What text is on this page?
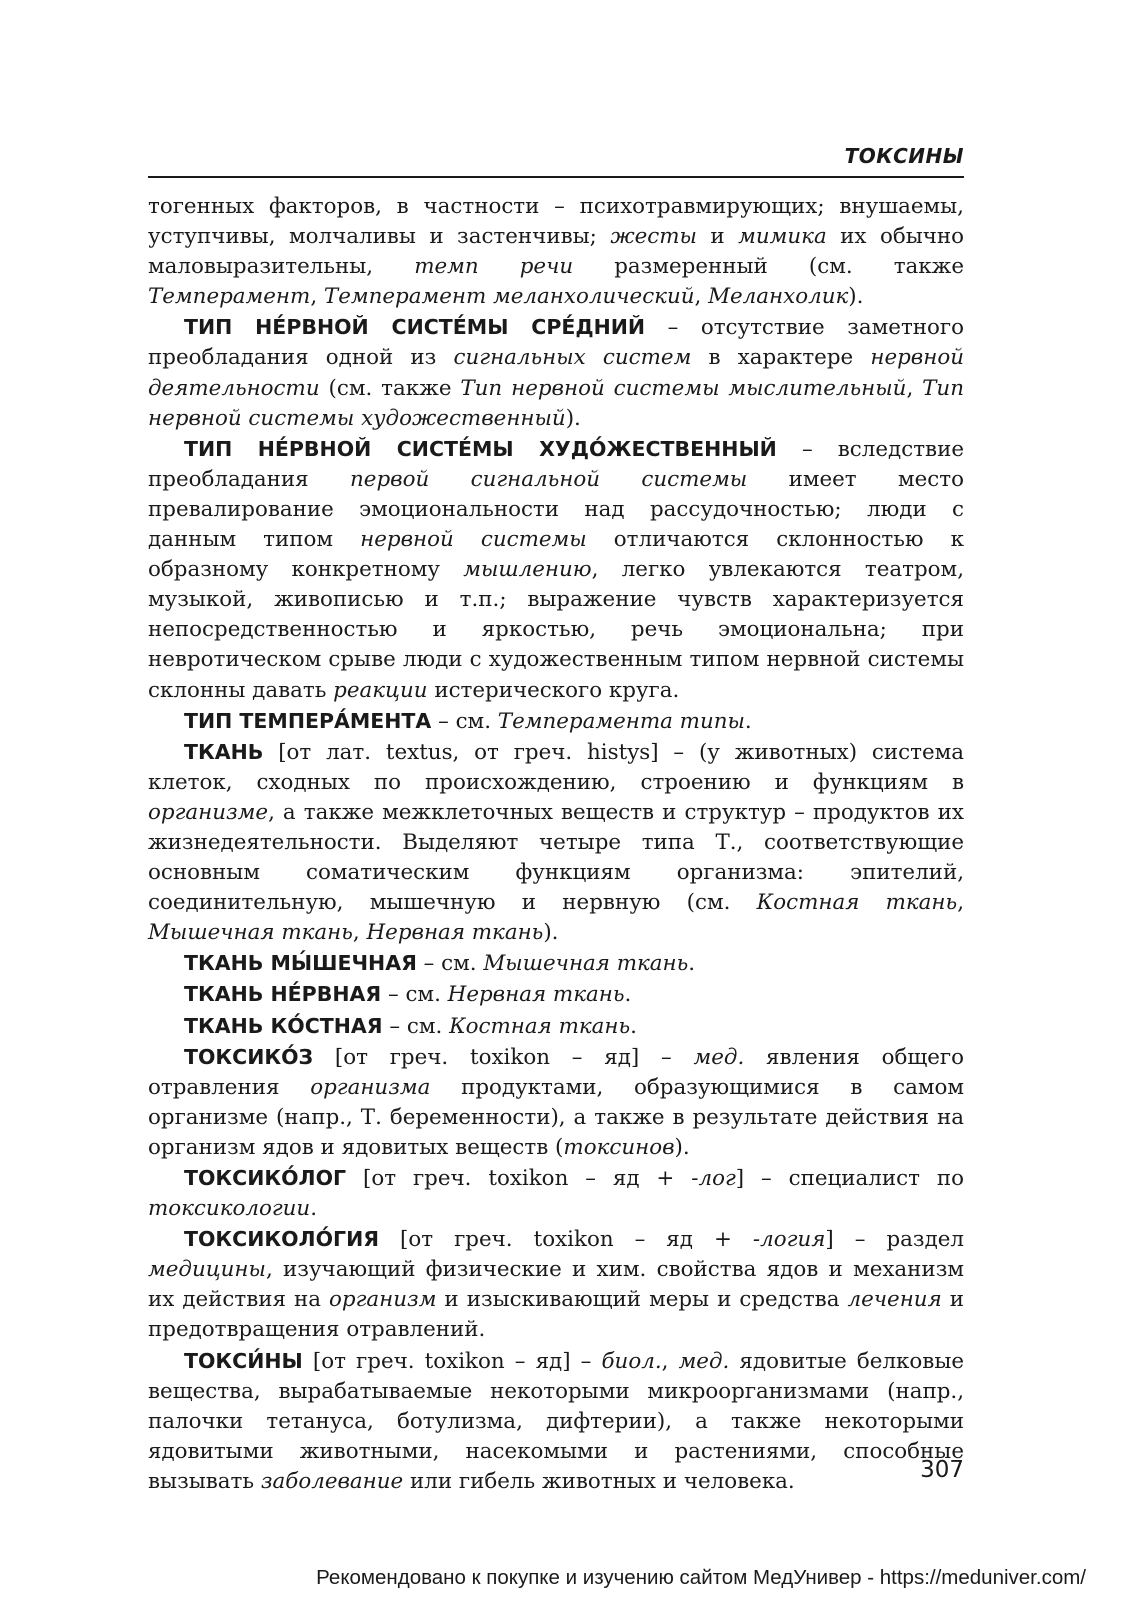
ТОКСИНЫ

тогенных факторов, в частности – психотравмирующих; внушаемы, уступчивы, молчаливы и застенчивы; жесты и мимика их обычно маловыразительны, темп речи размеренный (см. также Темперамент, Темперамент меланхолический, Меланхолик).

ТИП НЕ́РВНОЙ СИСТЕ́МЫ СРЕ́ДНИЙ – отсутствие заметного преобладания одной из сигнальных систем в характере нервной деятельности (см. также Тип нервной системы мыслительный, Тип нервной системы художественный).

ТИП НЕ́РВНОЙ СИСТЕ́МЫ ХУДО́ЖЕСТВЕННЫЙ – вследствие преобладания первой сигнальной системы имеет место превалирование эмоциональности над рассудочностью; люди с данным типом нервной системы отличаются склонностью к образному конкретному мышлению, легко увлекаются театром, музыкой, живописью и т.п.; выражение чувств характеризуется непосредственностью и яркостью, речь эмоциональна; при невротическом срыве люди с художественным типом нервной системы склонны давать реакции истерического круга.

ТИП ТЕМПЕРА́МЕНТА – см. Темперамента типы.

ТКАНЬ [от лат. textus, от греч. histys] – (у животных) система клеток, сходных по происхождению, строению и функциям в организме, а также межклеточных веществ и структур – продуктов их жизнедеятельности. Выделяют четыре типа Т., соответствующие основным соматическим функциям организма: эпителий, соединительную, мышечную и нервную (см. Костная ткань, Мышечная ткань, Нервная ткань).

ТКАНЬ МЫ́ШЕЧНАЯ – см. Мышечная ткань.

ТКАНЬ НЕ́РВНАЯ – см. Нервная ткань.

ТКАНЬ КО́СТНАЯ – см. Костная ткань.

ТОКСИКО́З [от греч. toxikon – яд] – мед. явления общего отравления организма продуктами, образующимися в самом организме (напр., Т. беременности), а также в результате действия на организм ядов и ядовитых веществ (токсинов).

ТОКСИКО́ЛОГ [от греч. toxikon – яд + -лог] – специалист по токсикологии.

ТОКСИКОЛО́ГИЯ [от греч. toxikon – яд + -логия] – раздел медицины, изучающий физические и хим. свойства ядов и механизм их действия на организм и изыскивающий меры и средства лечения и предотвращения отравлений.

ТОКСИ́НЫ [от греч. toxikon – яд] – биол., мед. ядовитые белковые вещества, вырабатываемые некоторыми микроорганизмами (напр., палочки тетануса, ботулизма, дифтерии), а также некоторыми ядовитыми животными, насекомыми и растениями, способные вызывать заболевание или гибель животных и человека.	307
Рекомендовано к покупке и изучению сайтом МедУнивер - https://meduniver.com/
